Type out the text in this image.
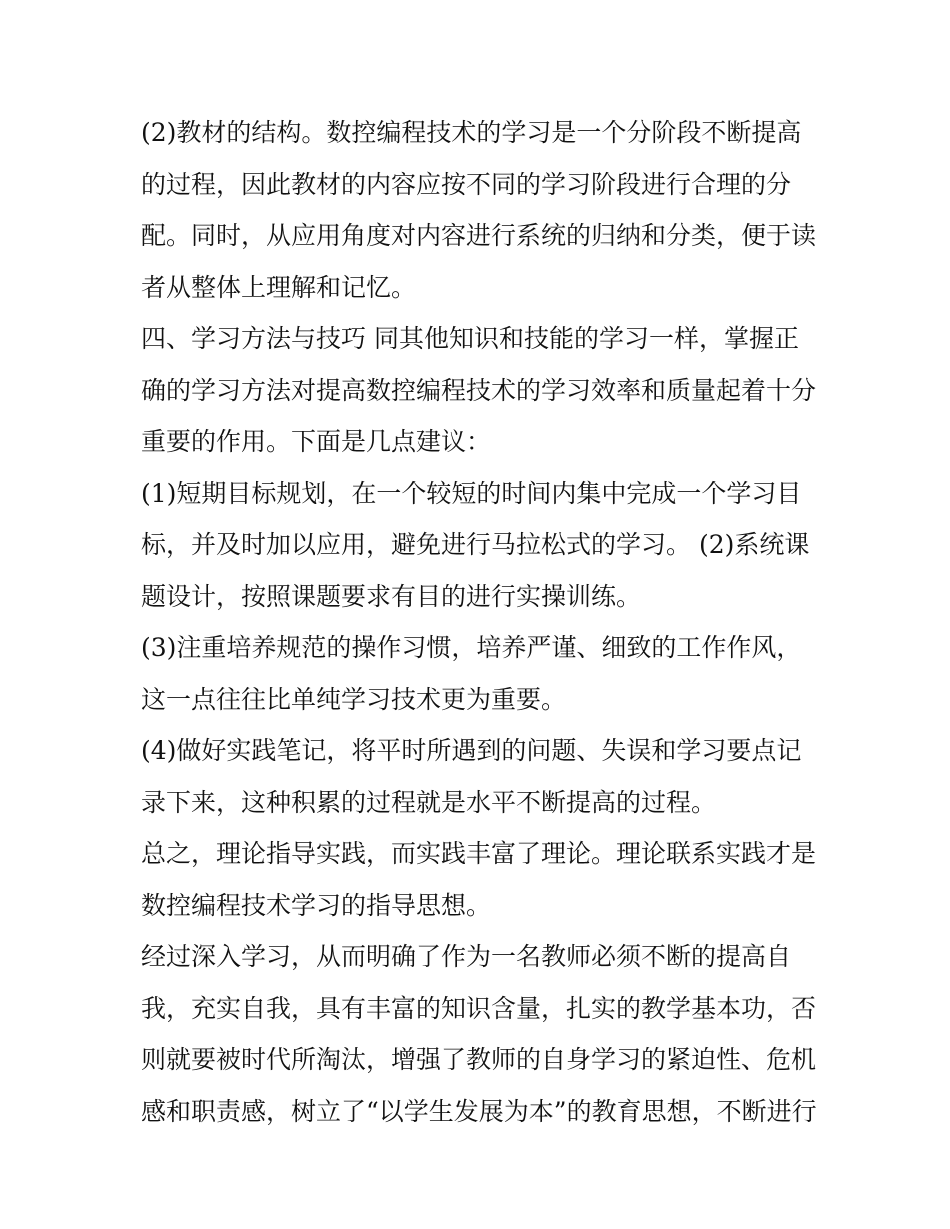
(2)教材的结构。数控编程技术的学习是一个分阶段不断提高
的过程，因此教材的内容应按不同的学习阶段进行合理的分
配。同时，从应用角度对内容进行系统的归纳和分类，便于读
者从整体上理解和记忆。
四、学习方法与技巧 同其他知识和技能的学习一样，掌握正
确的学习方法对提高数控编程技术的学习效率和质量起着十分
重要的作用。下面是几点建议：
(1)短期目标规划，在一个较短的时间内集中完成一个学习目
标，并及时加以应用，避免进行马拉松式的学习。 (2)系统课
题设计，按照课题要求有目的进行实操训练。
(3)注重培养规范的操作习惯，培养严谨、细致的工作作风，
这一点往往比单纯学习技术更为重要。
(4)做好实践笔记，将平时所遇到的问题、失误和学习要点记
录下来，这种积累的过程就是水平不断提高的过程。
总之，理论指导实践，而实践丰富了理论。理论联系实践才是
数控编程技术学习的指导思想。
经过深入学习，从而明确了作为一名教师必须不断的提高自
我，充实自我，具有丰富的知识含量，扎实的教学基本功，否
则就要被时代所淘汰，增强了教师的自身学习的紧迫性、危机
感和职责感，树立了“以学生发展为本”的教育思想，不断进行
